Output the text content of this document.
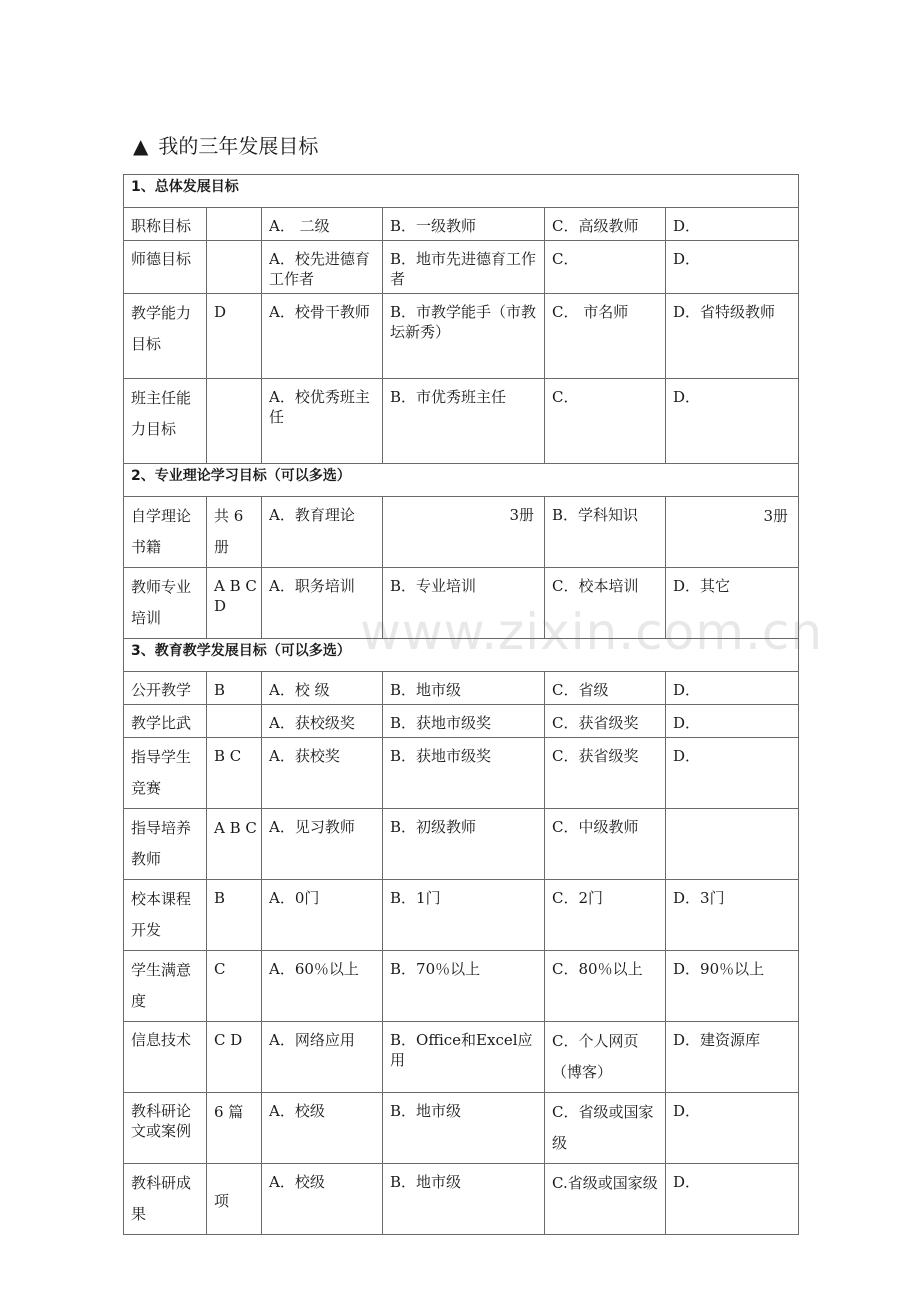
▲ 我的三年发展目标
www.zixin.com.cn
1、总体发展目标					
职称目标		A． 二级	B．一级教师	C．高级教师	D．
师德目标		A．校先进德育工作者	B．地市先进德育工作者	C．	D．
教学能力目标	D	A．校骨干教师	B．市教学能手（市教坛新秀）	C． 市名师	D．省特级教师
班主任能力目标		A．校优秀班主任	B．市优秀班主任	C．	D．
2、专业理论学习目标（可以多选）					
自学理论书籍	共 6册	A．教育理论	3册	B．学科知识	3册
教师专业培训	A B C D	A．职务培训	B．专业培训	C．校本培训	D．其它
3、教育教学发展目标（可以多选）					
公开教学	B	A．校 级	B．地市级	C．省级	D．
教学比武		A．获校级奖	B．获地市级奖	C．获省级奖	D．
指导学生竞赛	B C	A．获校奖	B．获地市级奖	C．获省级奖	D．
指导培养教师	A B C	A．见习教师	B．初级教师	C．中级教师	
校本课程开发	B	A．0门	B．1门	C．2门	D．3门
学生满意度	C	A．60％以上	B．70％以上	C．80％以上	D．90％以上
信息技术	C D	A．网络应用	B．Office和Excel应用	C．个人网页（博客）	D．建资源库
教科研论文或案例	6 篇	A．校级	B．地市级	C．省级或国家级	D．
教科研成果	项	A．校级	B．地市级	C.省级或国家级	D．
